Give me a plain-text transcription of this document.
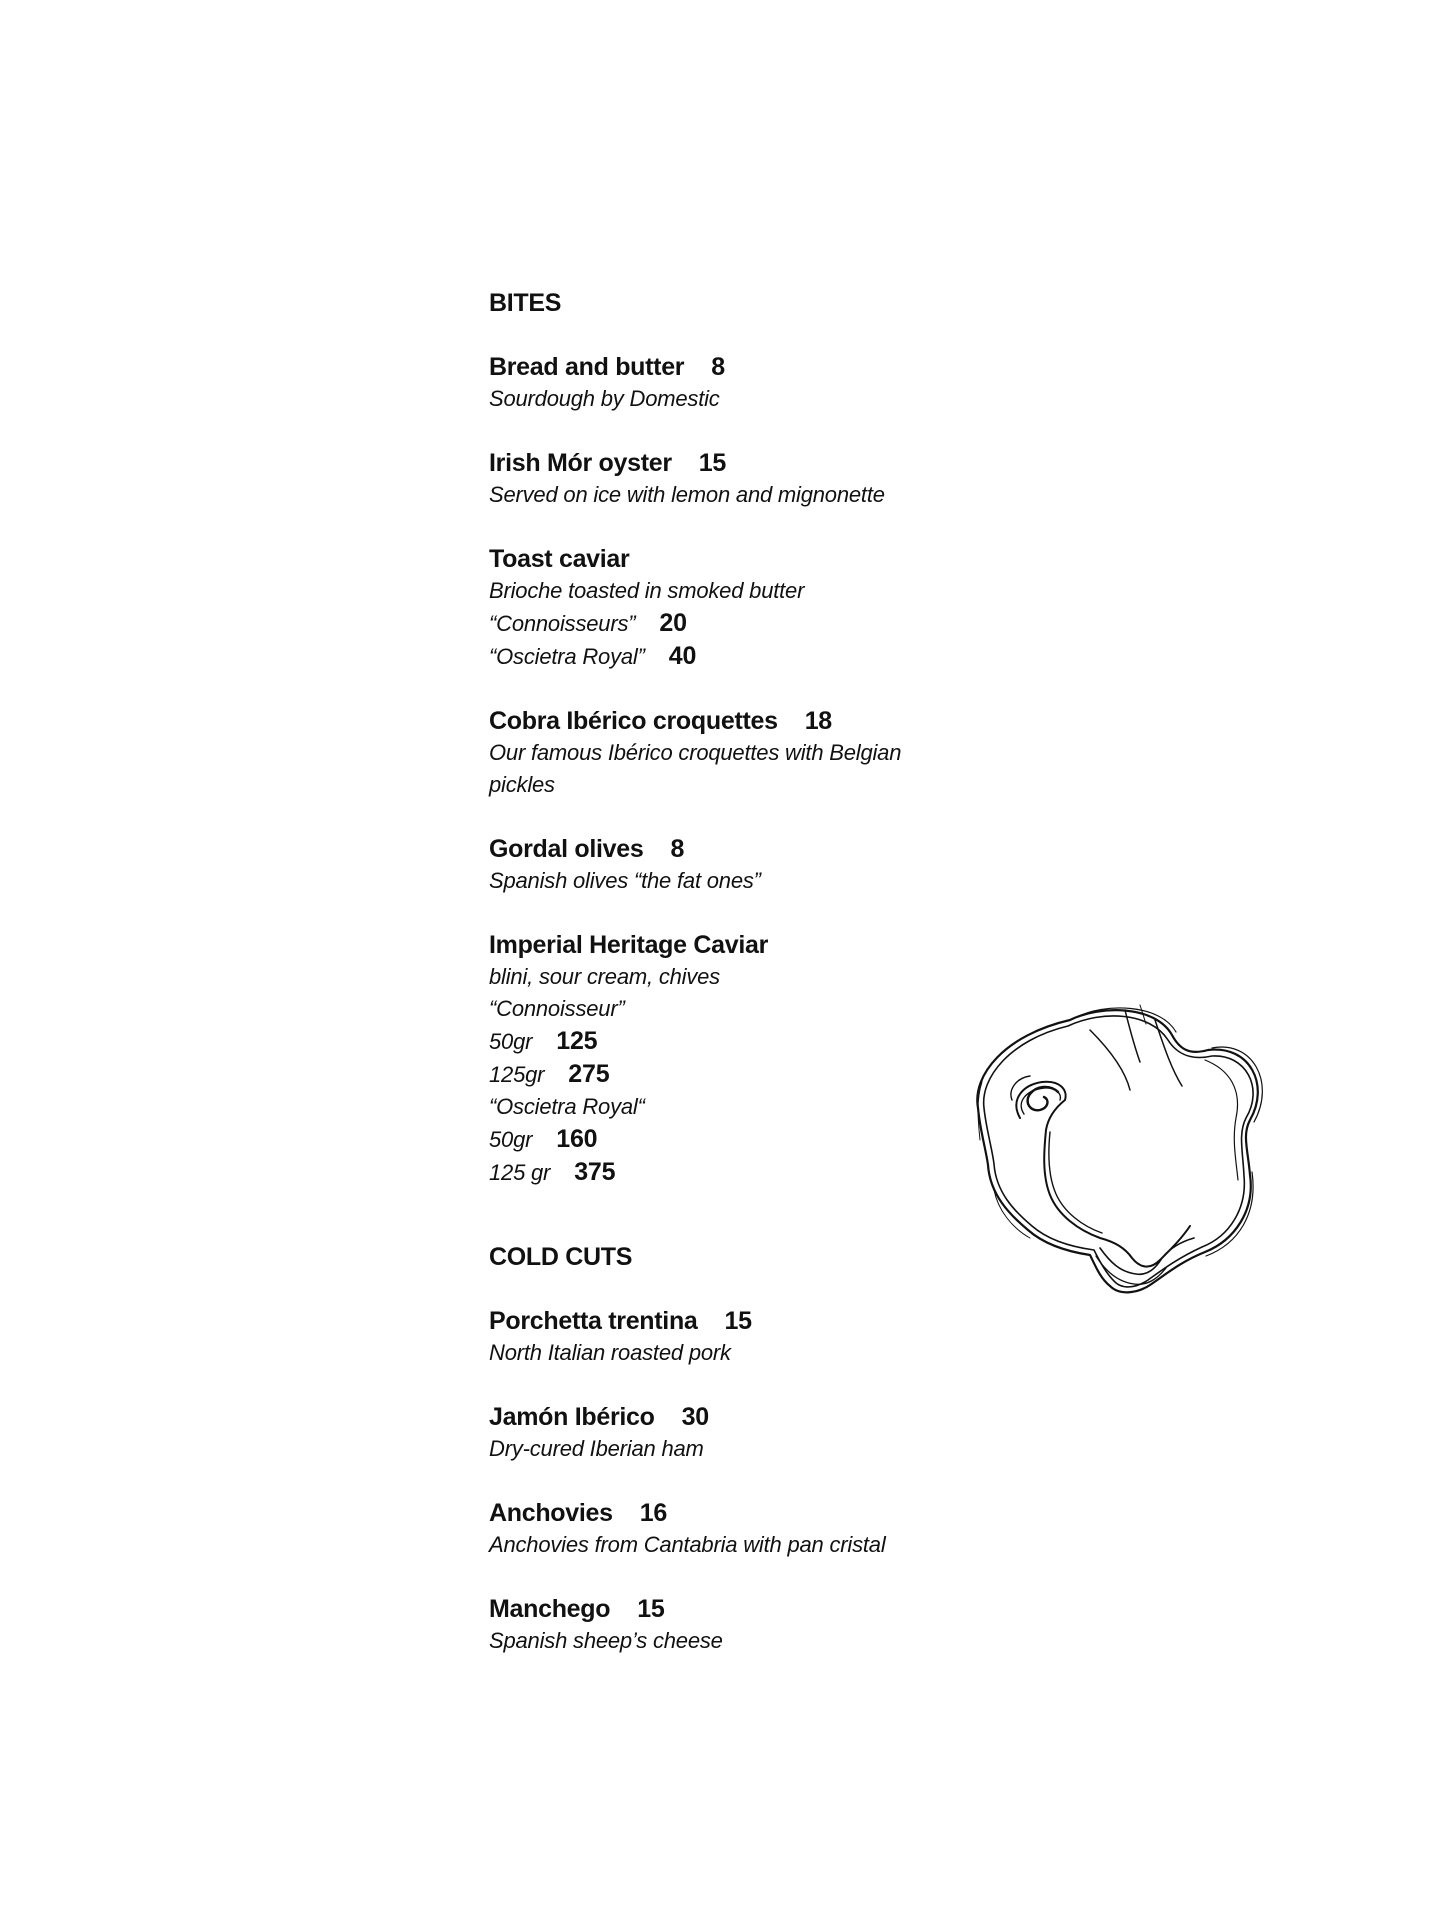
BITES
Bread and butter 8
Sourdough by Domestic
Irish Mór oyster 15
Served on ice with lemon and mignonette
Toast caviar
Brioche toasted in smoked butter
“Connoisseurs” 20
“Oscietra Royal” 40
Cobra Ibérico croquettes 18
Our famous Ibérico croquettes with Belgian pickles
Gordal olives 8
Spanish olives “the fat ones”
Imperial Heritage Caviar
blini, sour cream, chives
“Connoisseur”
50gr 125
125gr 275
“Oscietra Royal“
50gr 160
125 gr 375
COLD CUTS
Porchetta trentina 15
North Italian roasted pork
Jamón Ibérico 30
Dry-cured Iberian ham
Anchovies 16
Anchovies from Cantabria with pan cristal
Manchego 15
Spanish sheep’s cheese
